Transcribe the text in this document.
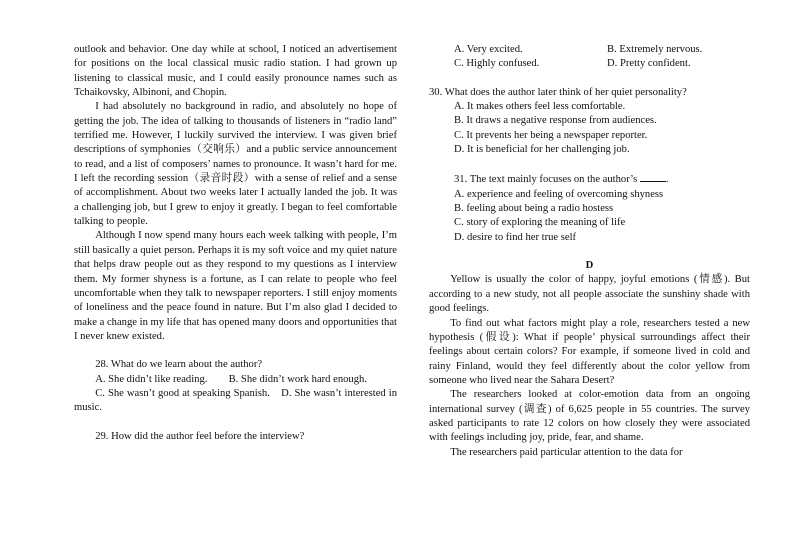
outlook and behavior. One day while at school, I noticed an advertisement for positions on the local classical music radio station. I had grown up listening to classical music, and I could easily pronounce names such as Tchaikovsky, Albinoni, and Chopin.

I had absolutely no background in radio, and absolutely no hope of getting the job. The idea of talking to thousands of listeners in “radio land” terrified me. However, I luckily survived the interview. I was given brief descriptions of symphonies（交响乐）and a public service announcement to read, and a list of composers’ names to pronounce. It wasn’t hard for me. I left the recording session（录音时段）with a sense of relief and a sense of accomplishment. About two weeks later I actually landed the job. It was a challenging job, but I grew to enjoy it greatly. I began to feel comfortable talking to people.

Although I now spend many hours each week talking with people, I’m still basically a quiet person. Perhaps it is my soft voice and my quiet nature that helps draw people out as they respond to my questions as I interview them. My former shyness is a fortune, as I can relate to people who feel uncomfortable when they talk to newspaper reporters. I still enjoy moments of loneliness and the peace found in nature. But I’m also glad I decided to make a change in my life that has opened many doors and opportunities that I never knew existed.

28. What do we learn about the author?

A. She didn’t like reading.　　B. She didn’t work hard enough.

C. She wasn’t good at speaking Spanish.　D. She wasn’t interested in music.

29. How did the author feel before the interview?

A. Very excited.	B. Extremely nervous.
C. Highly confused.	D. Pretty confident.

30. What does the author later think of her quiet personality?

A. It makes others feel less comfortable.

B. It draws a negative response from audiences.

C. It prevents her being a newspaper reporter.

D. It is beneficial for her challenging job.

31. The text mainly focuses on the author’s	.

A. experience and feeling of overcoming shyness

B. feeling about being a radio hostess

C. story of exploring the meaning of life

D. desire to find her true self

D

Yellow is usually the color of happy, joyful emotions (情感). But according to a new study, not all people associate the sunshiny shade with good feelings.

To find out what factors might play a role, researchers tested a new hypothesis (假设): What if people’ physical surroundings affect their feelings about certain colors? For example, if someone lived in cold and rainy Finland, would they feel differently about the color yellow from someone who lived near the Sahara Desert?

The researchers looked at color-emotion data from an ongoing international survey (调查) of 6,625 people in 55 countries. The survey asked participants to rate 12 colors on how closely they were associated with feelings including joy, pride, fear, and shame.

The researchers paid particular attention to the data for
